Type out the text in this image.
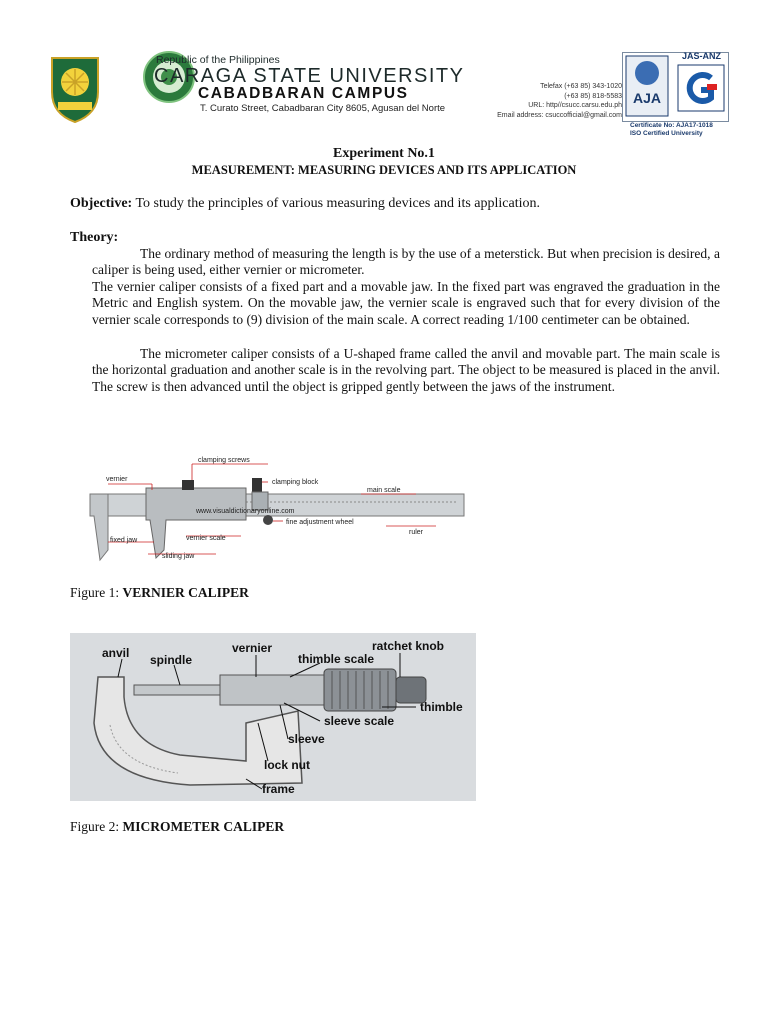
Republic of the Philippines
CARAGA STATE UNIVERSITY
CABADBARAN CAMPUS
T. Curato Street, Cabadbaran City 8605, Agusan del Norte
Telefax (+63 85) 343-1020
(+63 85) 818-5583
URL: http//csucc.carsu.edu.ph
Email address: csuccofficial@gmail.com
AJA
JAS-ANZ
Certificate No: AJA17-1018
ISO Certified University
Experiment No.1
MEASUREMENT: MEASURING DEVICES AND ITS APPLICATION
Objective: To study the principles of various measuring devices and its application.
Theory:
The ordinary method of measuring the length is by the use of a meterstick. But when precision is desired, a caliper is being used, either vernier or micrometer.
The vernier caliper consists of a fixed part and a movable jaw. In the fixed part was engraved the graduation in the Metric and English system. On the movable jaw, the vernier scale is engraved such that for every division of the vernier scale corresponds to (9) division of the main scale. A correct reading 1/100 centimeter can be obtained.
The micrometer caliper consists of a U-shaped frame called the anvil and movable part. The main scale is the horizontal graduation and another scale is in the revolving part. The object to be measured is placed in the anvil. The screw is then advanced until the object is gripped gently between the jaws of the instrument.
clamping screws
vernier	clamping block
main scale
www.visualdictionaryonline.com
fine adjustment wheel
ruler
fixed jaw	vernier scale
sliding jaw
Figure 1: VERNIER CALIPER
anvil spindle
vernier
thimble scale
ratchet knob
thimble
sleeve scale
sleeve
lock nut
frame
Figure 2: MICROMETER CALIPER
